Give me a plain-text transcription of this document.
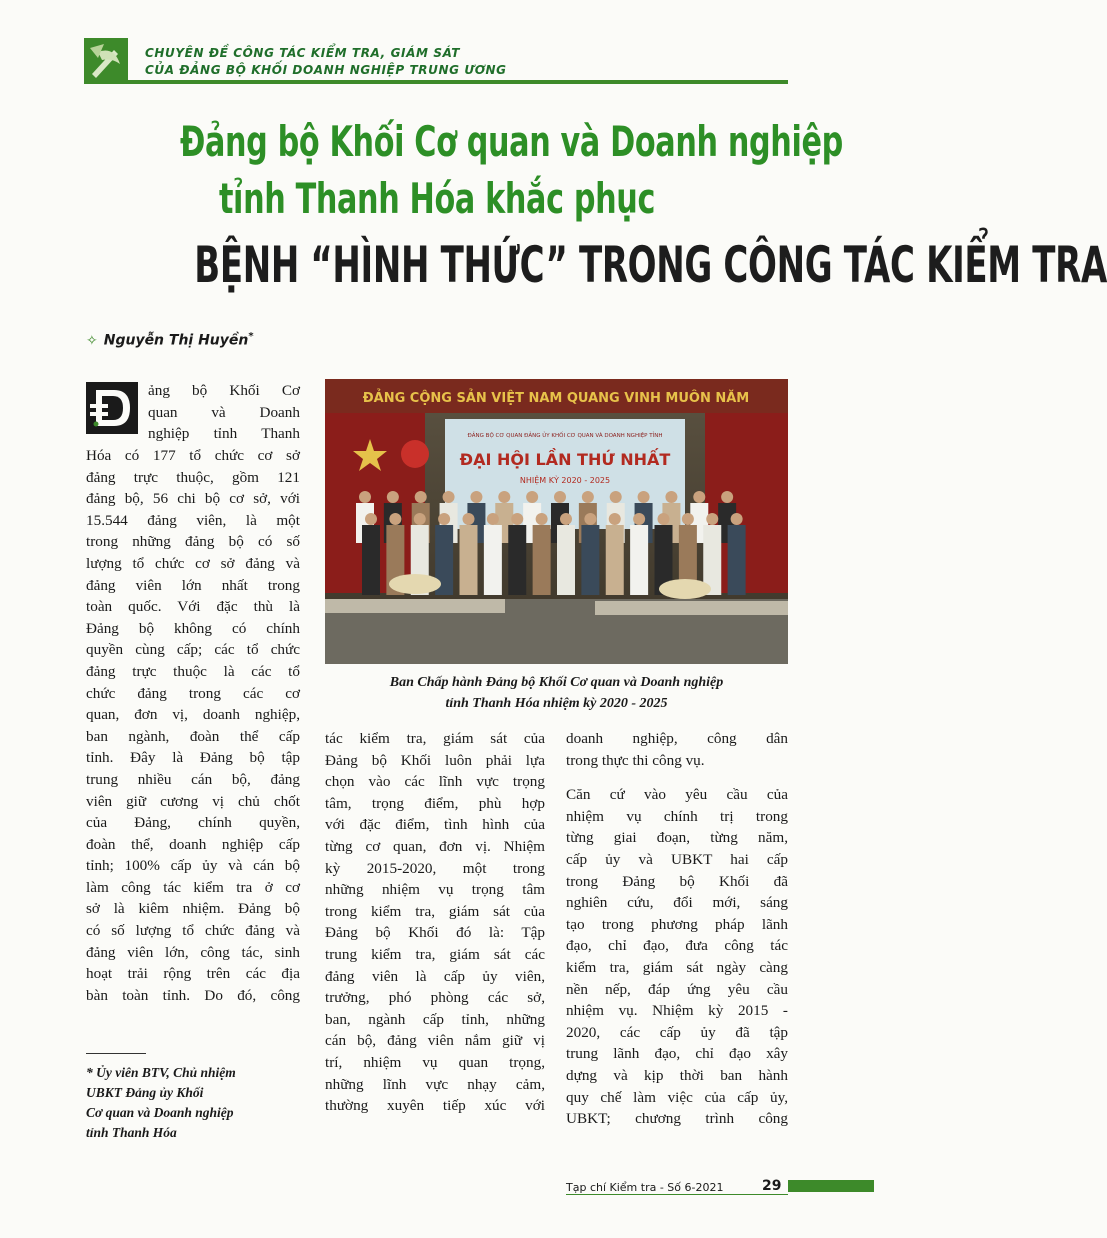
CHUYÊN ĐỀ CÔNG TÁC KIỂM TRA, GIÁM SÁT
CỦA ĐẢNG BỘ KHỐI DOANH NGHIỆP TRUNG ƯƠNG
Đảng bộ Khối Cơ quan và Doanh nghiệp
tỉnh Thanh Hóa khắc phục
BỆNH “HÌNH THỨC” TRONG CÔNG TÁC KIỂM TRA
✧ Nguyễn Thị Huyền*
ảng bộ Khối Cơ
quan và Doanh
nghiệp tỉnh Thanh
Hóa có 177 tổ chức cơ sở
đảng trực thuộc, gồm 121
đảng bộ, 56 chi bộ cơ sở, với
15.544 đảng viên, là một
trong những đảng bộ có số
lượng tổ chức cơ sở đảng và
đảng viên lớn nhất trong
toàn quốc. Với đặc thù là
Đảng bộ không có chính
quyền cùng cấp; các tổ chức
đảng trực thuộc là các tổ
chức đảng trong các cơ
quan, đơn vị, doanh nghiệp,
ban ngành, đoàn thể cấp
tỉnh. Đây là Đảng bộ tập
trung nhiều cán bộ, đảng
viên giữ cương vị chủ chốt
của Đảng, chính quyền,
đoàn thể, doanh nghiệp cấp
tỉnh; 100% cấp ủy và cán bộ
làm công tác kiểm tra ở cơ
sở là kiêm nhiệm. Đảng bộ
có số lượng tổ chức đảng và
đảng viên lớn, công tác, sinh
hoạt trải rộng trên các địa
bàn toàn tỉnh. Do đó, công
ĐẢNG CỘNG SẢN VIỆT NAM QUANG VINH MUÔN NĂM
ĐẢNG BỘ CƠ QUAN ĐẢNG ỦY KHỐI CƠ QUAN VÀ DOANH NGHIỆP TỈNH
ĐẠI HỘI LẦN THỨ NHẤT
NHIỆM KỲ 2020 - 2025
Ban Chấp hành Đảng bộ Khối Cơ quan và Doanh nghiệp
tỉnh Thanh Hóa nhiệm kỳ 2020 - 2025
tác kiểm tra, giám sát của
Đảng bộ Khối luôn phải lựa
chọn vào các lĩnh vực trọng
tâm, trọng điểm, phù hợp
với đặc điểm, tình hình của
từng cơ quan, đơn vị. Nhiệm
kỳ 2015-2020, một trong
những nhiệm vụ trọng tâm
trong kiểm tra, giám sát của
Đảng bộ Khối đó là: Tập
trung kiểm tra, giám sát các
đảng viên là cấp ủy viên,
trưởng, phó phòng các sở,
ban, ngành cấp tỉnh, những
cán bộ, đảng viên nắm giữ vị
trí, nhiệm vụ quan trọng,
những lĩnh vực nhạy cảm,
thường xuyên tiếp xúc với
doanh nghiệp, công dân
trong thực thi công vụ.
Căn cứ vào yêu cầu của
nhiệm vụ chính trị trong
từng giai đoạn, từng năm,
cấp ủy và UBKT hai cấp
trong Đảng bộ Khối đã
nghiên cứu, đổi mới, sáng
tạo trong phương pháp lãnh
đạo, chỉ đạo, đưa công tác
kiểm tra, giám sát ngày càng
nền nếp, đáp ứng yêu cầu
nhiệm vụ. Nhiệm kỳ 2015 -
2020, các cấp ủy đã tập
trung lãnh đạo, chỉ đạo xây
dựng và kịp thời ban hành
quy chế làm việc của cấp ủy,
UBKT; chương trình công
* Ủy viên BTV, Chủ nhiệm
UBKT Đảng ủy Khối
Cơ quan và Doanh nghiệp
tỉnh Thanh Hóa
Tạp chí Kiểm tra - Số 6-2021	29
